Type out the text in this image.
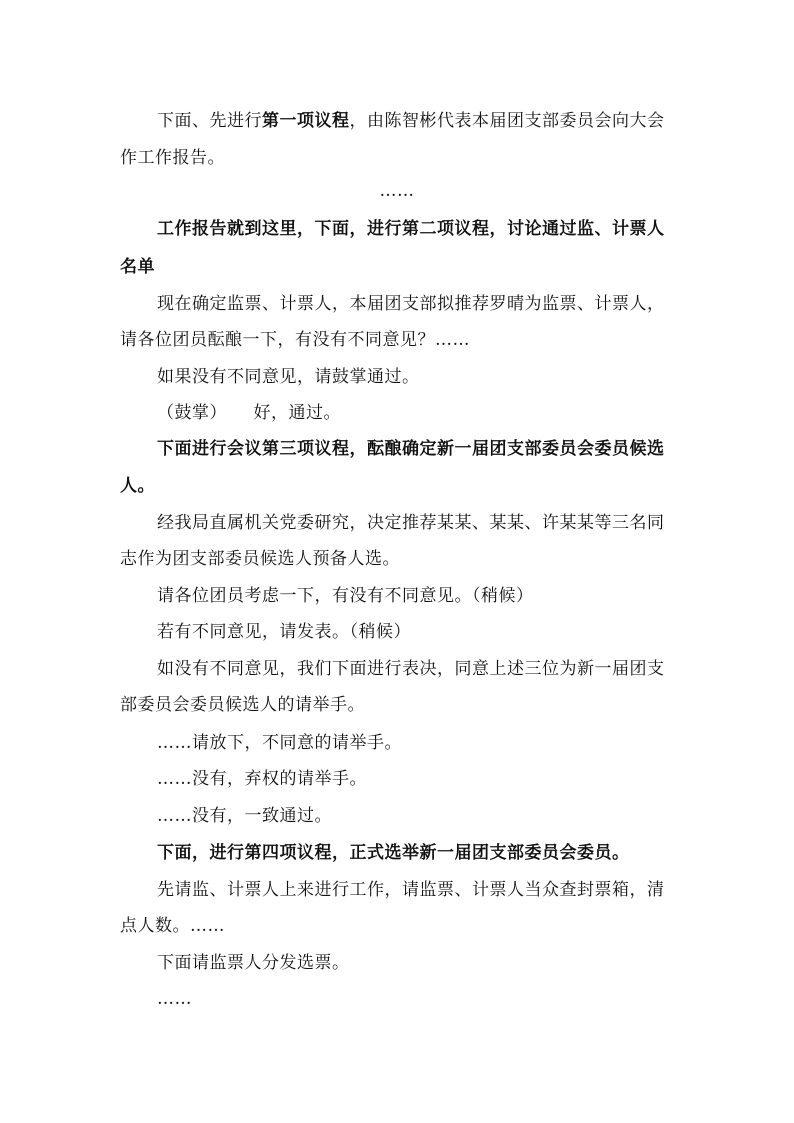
下面、先进行第一项议程，由陈智彬代表本届团支部委员会向大会
作工作报告。
……
工作报告就到这里，下面，进行第二项议程，讨论通过监、计票人
名单
现在确定监票、计票人，本届团支部拟推荐罗晴为监票、计票人，
请各位团员酝酿一下，有没有不同意见？……
如果没有不同意见，请鼓掌通过。
（鼓掌）　　好，通过。
下面进行会议第三项议程，酝酿确定新一届团支部委员会委员候选
人。
经我局直属机关党委研究，决定推荐某某、某某、许某某等三名同
志作为团支部委员候选人预备人选。
请各位团员考虑一下，有没有不同意见。（稍候）
若有不同意见，请发表。（稍候）
如没有不同意见，我们下面进行表决，同意上述三位为新一届团支
部委员会委员候选人的请举手。
……请放下，不同意的请举手。
……没有，弃权的请举手。
……没有，一致通过。
下面，进行第四项议程，正式选举新一届团支部委员会委员。
先请监、计票人上来进行工作，请监票、计票人当众查封票箱，清
点人数。……
下面请监票人分发选票。
……
